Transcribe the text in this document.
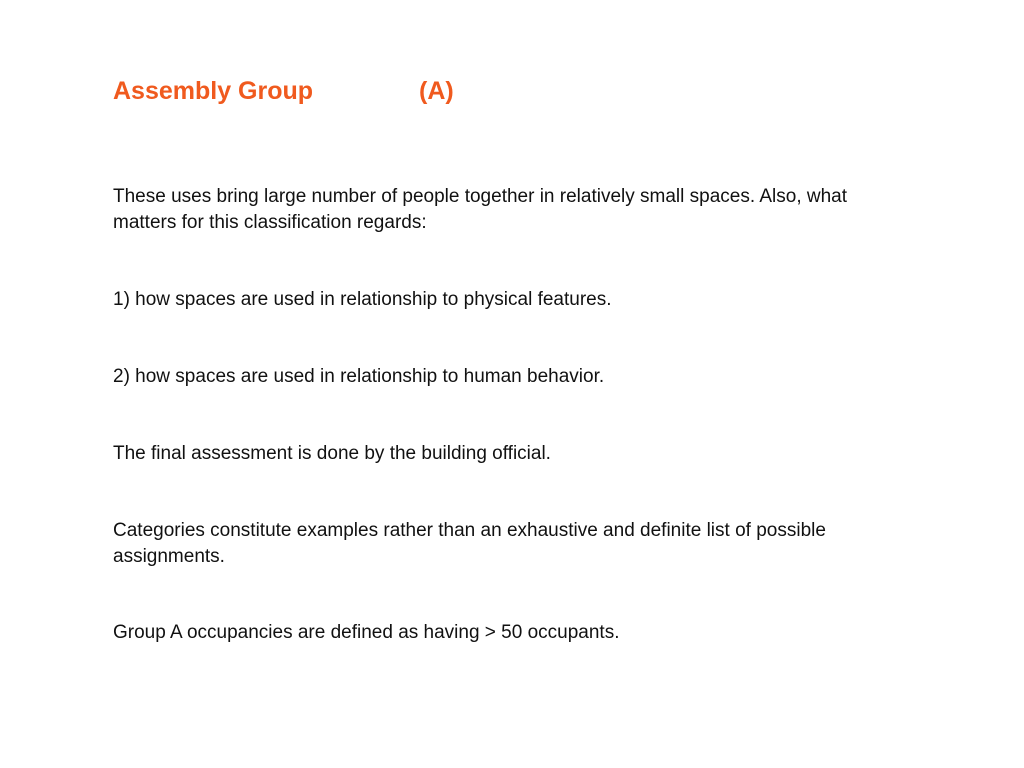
Assembly Group	(A)

These uses bring large number of people together in relatively small spaces. Also, what matters for this classification regards:

1) how spaces are used in relationship to physical features.

2) how spaces are used in relationship to human behavior.

The final assessment is done by the building official.

Categories constitute examples rather than an exhaustive and definite list of possible assignments.

Group A occupancies are defined as having > 50 occupants.
